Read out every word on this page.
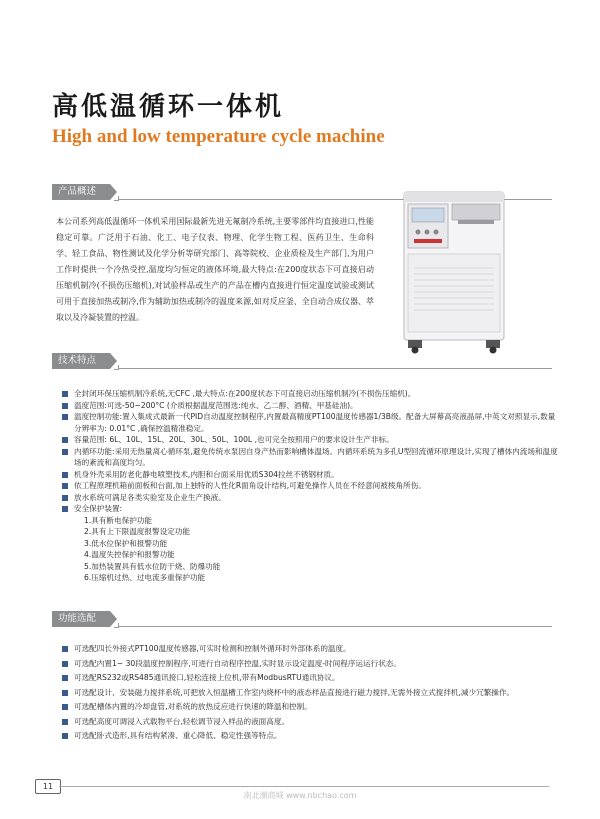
高低温循环一体机
High and low temperature cycle machine
产品概述
本公司系列高低温循环一体机采用国际最新先进无氟制冷系统,主要零部件均直接进口,性能稳定可靠。广泛用于石油、化工、电子仪表、物理、化学生物工程、医药卫生、生命科学、轻工食品、物性测试及化学分析等研究部门、高等院校、企业质检及生产部门,为用户工作时提供一个冷热受控,温度均匀恒定的液体环境,最大特点:在200度状态下可直接启动压缩机制冷(不损伤压缩机),对试验样品或生产的产品在槽内直接进行恒定温度试验或测试可用于直接加热或制冷,作为辅助加热或制冷的温度来源,如对反应釜、全自动合成仪器、萃取以及冷凝装置的控温。
技术特点
全封闭环保压缩机制冷系统,无CFC ,最大特点:在200度状态下可直接启动压缩机制冷(不损伤压缩机)。
温度范围:可选-50~200°C (介质根据温度范围选:纯水、乙二醇、酒精、甲基硅油)。
温度控制功能:置入集成式最新一代PID自动温度控制程序,内置最高精度PT100温度传感器1/3B级。配备大屏幕高亮液晶屏,中英文对照显示,数量分辨率为: 0.01°C ,确保控温精准稳定。
容量范围: 6L、10L、15L、20L、30L、50L、100L ,也可完全按照用户的要求设计生产非标。
内循环功能:采用无热量离心循环泵,避免传统水泵因自身产热而影响槽体温场。内循环系统为多孔U型回流循环原理设计,实现了槽体内流场和温度场的紊流和高度均匀。
机身外壳采用防老化静电喷塑技术,内胆和台面采用优质S304拉丝不锈钢材质。
依工程原理机箱前面板和台面,加上独特的人性化R面角设计结构,可避免操作人员在不经意间被棱角所伤。
放水系统可满足各类实验室及企业生产换液。
安全保护装置:
1.具有断电保护功能
2.具有上下限温度报警设定功能
3.低水位保护和报警功能
4.温度失控保护和报警功能
5.加热装置具有低水位防干烧、防爆功能
6.压缩机过热、过电流多重保护功能
功能选配
可选配四长外接式PT100温度传感器,可实时检测和控制外循环时外部体系的温度。
可选配内置1~ 30段温度控制程序,可进行自动程序控温,实时显示设定温度-时间程序运运行状态。
可选配RS232或RS485通讯接口,轻松连接上位机,带有ModbusRTU通讯协议。
可选配设计、安装磁力搅拌系统,可把放入恒温槽工作室内烧杯中的液态样品直接进行磁力搅拌,无需外接立式搅拌机,减少冗繁操作。
可选配槽体内置的冷却盘管,对系统的放热反应进行快速的降温和控制。
可选配高度可调浸入式载物平台,轻松调节浸入样品的液面高度。
可选配卧式造形,具有结构紧凑、重心降低、稳定性强等特点。
11
南北潮商城 www.nbchao.com
